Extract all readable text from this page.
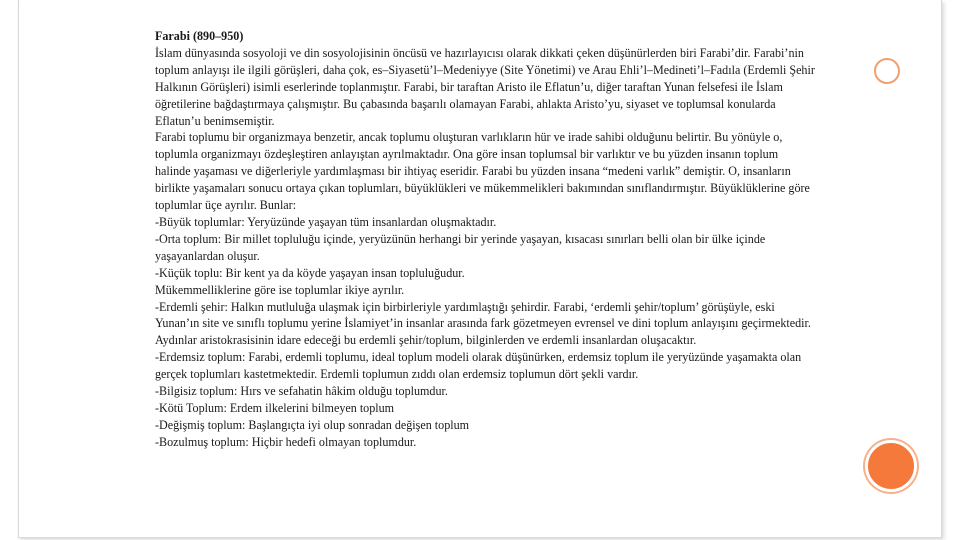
Farabi (890–950)

İslam dünyasında sosyoloji ve din sosyolojisinin öncüsü ve hazırlayıcısı olarak dikkati çeken düşünürlerden biri Farabi’dir. Farabi’nin toplum anlayışı ile ilgili görüşleri, daha çok, es–Siyasetü’l–Medeniyye (Site Yönetimi) ve Arau Ehli’l–Medineti’l–Fadıla (Erdemli Şehir Halkının Görüşleri) isimli eserlerinde toplanmıştır. Farabi, bir taraftan Aristo ile Eflatun’u, diğer taraftan Yunan felsefesi ile İslam öğretilerine bağdaştırmaya çalışmıştır. Bu çabasında başarılı olamayan Farabi, ahlakta Aristo’yu, siyaset ve toplumsal konularda Eflatun’u benimsemiştir.

Farabi toplumu bir organizmaya benzetir, ancak toplumu oluşturan varlıkların hür ve irade sahibi olduğunu belirtir. Bu yönüyle o, toplumla organizmayı özdeşleştiren anlayıştan ayrılmaktadır. Ona göre insan toplumsal bir varlıktır ve bu yüzden insanın toplum halinde yaşaması ve diğerleriyle yardımlaşması bir ihtiyaç eseridir. Farabi bu yüzden insana “medeni varlık” demiştir. O, insanların birlikte yaşamaları sonucu ortaya çıkan toplumları, büyüklükleri ve mükemmelikleri bakımından sınıflandırmıştır. Büyüklüklerine göre toplumlar üçe ayrılır. Bunlar:

-Büyük toplumlar: Yeryüzünde yaşayan tüm insanlardan oluşmaktadır.

-Orta toplum: Bir millet topluluğu içinde, yeryüzünün herhangi bir yerinde yaşayan, kısacası sınırları belli olan bir ülke içinde yaşayanlardan oluşur.

-Küçük toplu: Bir kent ya da köyde yaşayan insan topluluğudur.

Mükemmelliklerine göre ise toplumlar ikiye ayrılır.

-Erdemli şehir: Halkın mutluluğa ulaşmak için birbirleriyle yardımlaştığı şehirdir. Farabi, ‘erdemli şehir/toplum’ görüşüyle, eski Yunan’ın site ve sınıflı toplumu yerine İslamiyet’in insanlar arasında fark gözetmeyen evrensel ve dini toplum anlayışını geçirmektedir. Aydınlar aristokrasisinin idare edeceği bu erdemli şehir/toplum, bilginlerden ve erdemli insanlardan oluşacaktır.

-Erdemsiz toplum: Farabi, erdemli toplumu, ideal toplum modeli olarak düşünürken, erdemsiz toplum ile yeryüzünde yaşamakta olan gerçek toplumları kastetmektedir. Erdemli toplumun zıddı olan erdemsiz toplumun dört şekli vardır.

-Bilgisiz toplum: Hırs ve sefahatin hâkim olduğu toplumdur.

-Kötü Toplum: Erdem ilkelerini bilmeyen toplum

-Değişmiş toplum: Başlangıçta iyi olup sonradan değişen toplum

-Bozulmuş toplum: Hiçbir hedefi olmayan toplumdur.
